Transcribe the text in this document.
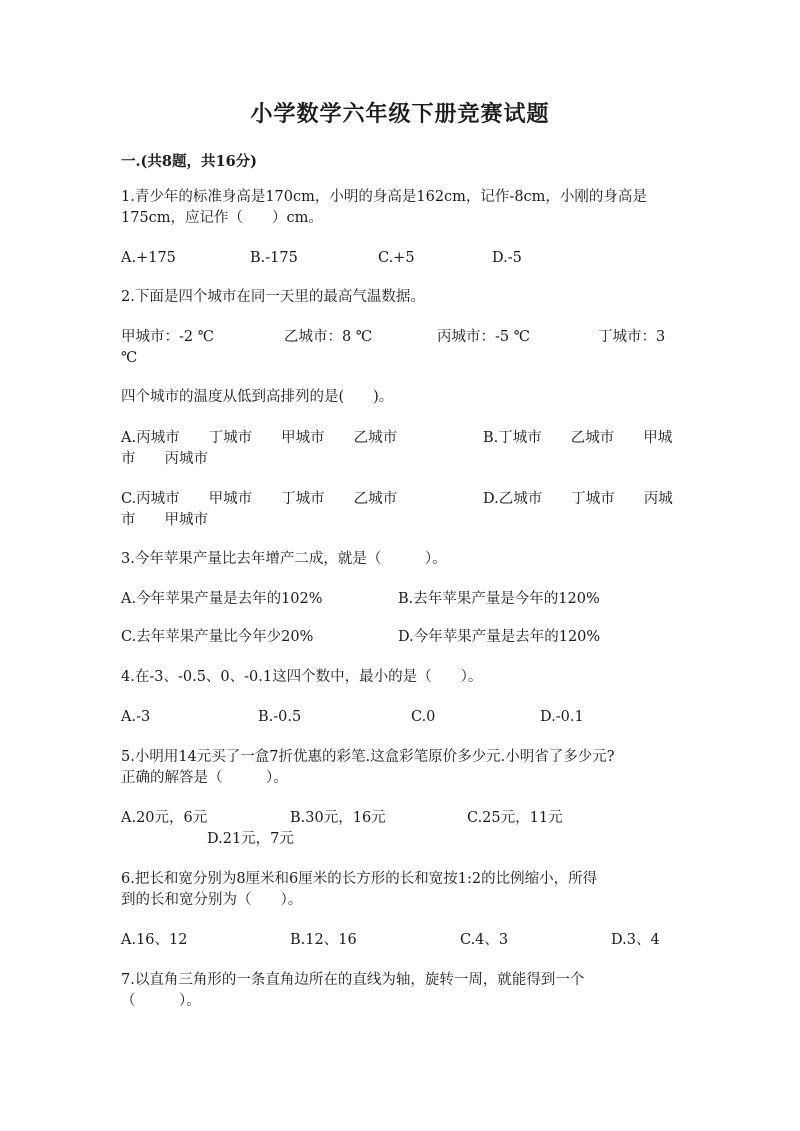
小学数学六年级下册竞赛试题
一.(共8题，共16分)
1.青少年的标准身高是170cm，小明的身高是162cm，记作-8cm，小刚的身高是
175cm，应记作（　　）cm。
A.+175	B.-175	C.+5	D.-5
2.下面是四个城市在同一天里的最高气温数据。
甲城市：-2 ℃	乙城市：8 ℃	丙城市：-5 ℃	丁城市：3
℃
四个城市的温度从低到高排列的是(　　)。
A.丙城市　　丁城市　　甲城市　　乙城市	B.丁城市　　乙城市　　甲城
市　　丙城市
C.丙城市　　甲城市　　丁城市　　乙城市	D.乙城市　　丁城市　　丙城
市　　甲城市
3.今年苹果产量比去年增产二成，就是（　　　）。
A.今年苹果产量是去年的102%	B.去年苹果产量是今年的120%
C.去年苹果产量比今年少20%	D.今年苹果产量是去年的120%
4.在-3、-0.5、0、-0.1这四个数中，最小的是（　　）。
A.-3	B.-0.5	C.0	D.-0.1
5.小明用14元买了一盒7折优惠的彩笔.这盒彩笔原价多少元.小明省了多少元?
正确的解答是（　　　）。
A.20元，6元	B.30元，16元	C.25元，11元
D.21元，7元
6.把长和宽分别为8厘米和6厘米的长方形的长和宽按1:2的比例缩小，所得
到的长和宽分别为（　　）。
A.16、12	B.12、16	C.4、3	D.3、4
7.以直角三角形的一条直角边所在的直线为轴，旋转一周，就能得到一个
（　　　）。
